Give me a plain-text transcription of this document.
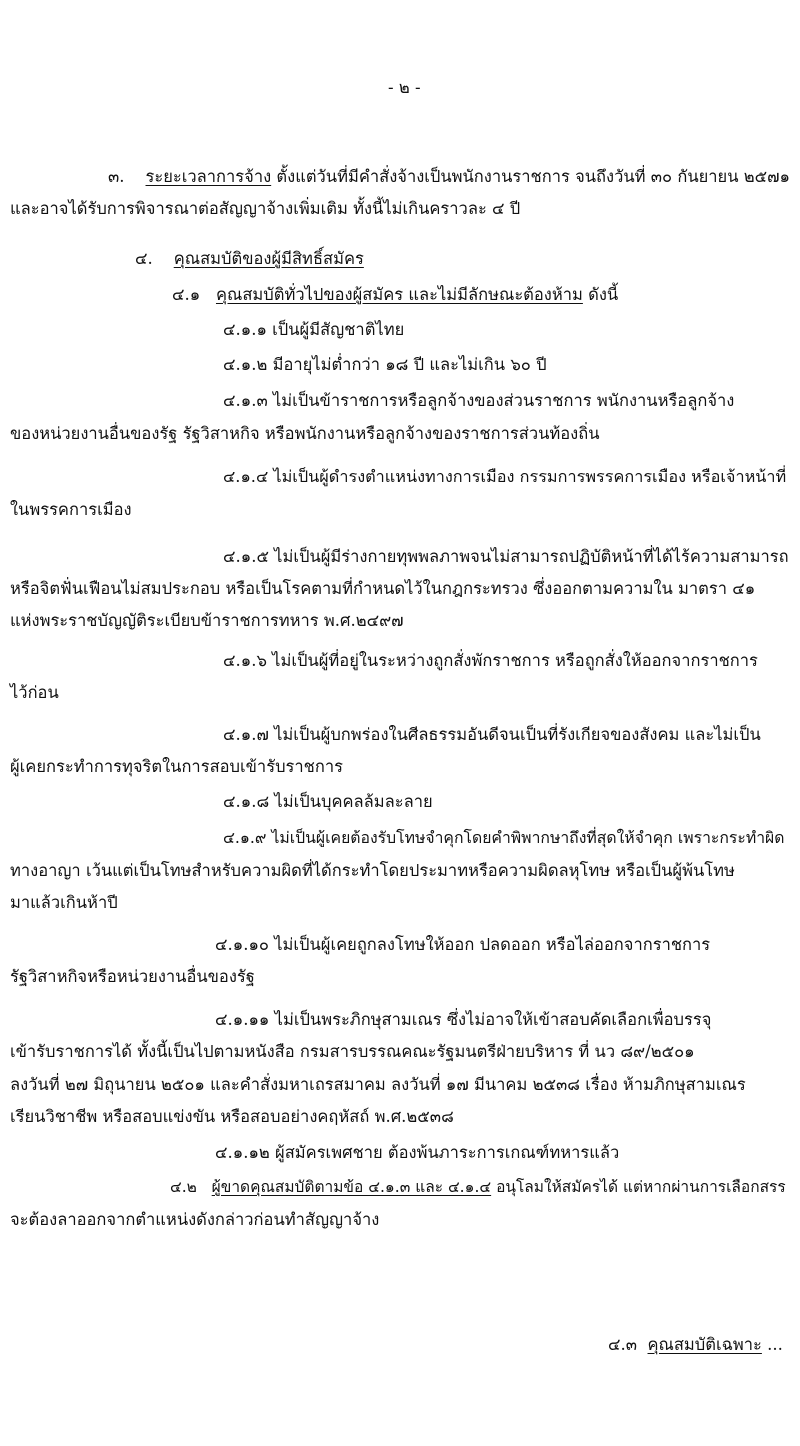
- ๒ -
๓. ระยะเวลาการจ้าง ตั้งแต่วันที่มีคำสั่งจ้างเป็นพนักงานราชการ จนถึงวันที่ ๓๐ กันยายน ๒๕๗๑
และอาจได้รับการพิจารณาต่อสัญญาจ้างเพิ่มเติม ทั้งนี้ไม่เกินคราวละ ๔ ปี
๔. คุณสมบัติของผู้มีสิทธิ์สมัคร
๔.๑ คุณสมบัติทั่วไปของผู้สมัคร และไม่มีลักษณะต้องห้าม ดังนี้
๔.๑.๑ เป็นผู้มีสัญชาติไทย
๔.๑.๒ มีอายุไม่ต่ำกว่า ๑๘ ปี และไม่เกิน ๖๐ ปี
๔.๑.๓ ไม่เป็นข้าราชการหรือลูกจ้างของส่วนราชการ พนักงานหรือลูกจ้าง
ของหน่วยงานอื่นของรัฐ รัฐวิสาหกิจ หรือพนักงานหรือลูกจ้างของราชการส่วนท้องถิ่น
๔.๑.๔ ไม่เป็นผู้ดำรงตำแหน่งทางการเมือง กรรมการพรรคการเมือง หรือเจ้าหน้าที่
ในพรรคการเมือง
๔.๑.๕ ไม่เป็นผู้มีร่างกายทุพพลภาพจนไม่สามารถปฏิบัติหน้าที่ได้ไร้ความสามารถ
หรือจิตฟั่นเฟือนไม่สมประกอบ หรือเป็นโรคตามที่กำหนดไว้ในกฎกระทรวง ซึ่งออกตามความใน มาตรา ๔๑
แห่งพระราชบัญญัติระเบียบข้าราชการทหาร พ.ศ.๒๔๙๗
๔.๑.๖ ไม่เป็นผู้ที่อยู่ในระหว่างถูกสั่งพักราชการ หรือถูกสั่งให้ออกจากราชการ
ไว้ก่อน
๔.๑.๗ ไม่เป็นผู้บกพร่องในศีลธรรมอันดีจนเป็นที่รังเกียจของสังคม และไม่เป็น
ผู้เคยกระทำการทุจริตในการสอบเข้ารับราชการ
๔.๑.๘ ไม่เป็นบุคคลล้มละลาย
๔.๑.๙ ไม่เป็นผู้เคยต้องรับโทษจำคุกโดยคำพิพากษาถึงที่สุดให้จำคุก เพราะกระทำผิด
ทางอาญา เว้นแต่เป็นโทษสำหรับความผิดที่ได้กระทำโดยประมาทหรือความผิดลหุโทษ หรือเป็นผู้พ้นโทษ
มาแล้วเกินห้าปี
๔.๑.๑๐ ไม่เป็นผู้เคยถูกลงโทษให้ออก ปลดออก หรือไล่ออกจากราชการ
รัฐวิสาหกิจหรือหน่วยงานอื่นของรัฐ
๔.๑.๑๑ ไม่เป็นพระภิกษุสามเณร ซึ่งไม่อาจให้เข้าสอบคัดเลือกเพื่อบรรจุ
เข้ารับราชการได้ ทั้งนี้เป็นไปตามหนังสือ กรมสารบรรณคณะรัฐมนตรีฝ่ายบริหาร ที่ นว ๘๙/๒๕๐๑
ลงวันที่ ๒๗ มิถุนายน ๒๕๐๑ และคำสั่งมหาเถรสมาคม ลงวันที่ ๑๗ มีนาคม ๒๕๓๘ เรื่อง ห้ามภิกษุสามเณร
เรียนวิชาชีพ หรือสอบแข่งขัน หรือสอบอย่างคฤหัสถ์ พ.ศ.๒๕๓๘
๔.๑.๑๒ ผู้สมัครเพศชาย ต้องพ้นภาระการเกณฑ์ทหารแล้ว
๔.๒ ผู้ขาดคุณสมบัติตามข้อ ๔.๑.๓ และ ๔.๑.๔ อนุโลมให้สมัครได้ แต่หากผ่านการเลือกสรร
จะต้องลาออกจากตำแหน่งดังกล่าวก่อนทำสัญญาจ้าง
๔.๓ คุณสมบัติเฉพาะ ...
